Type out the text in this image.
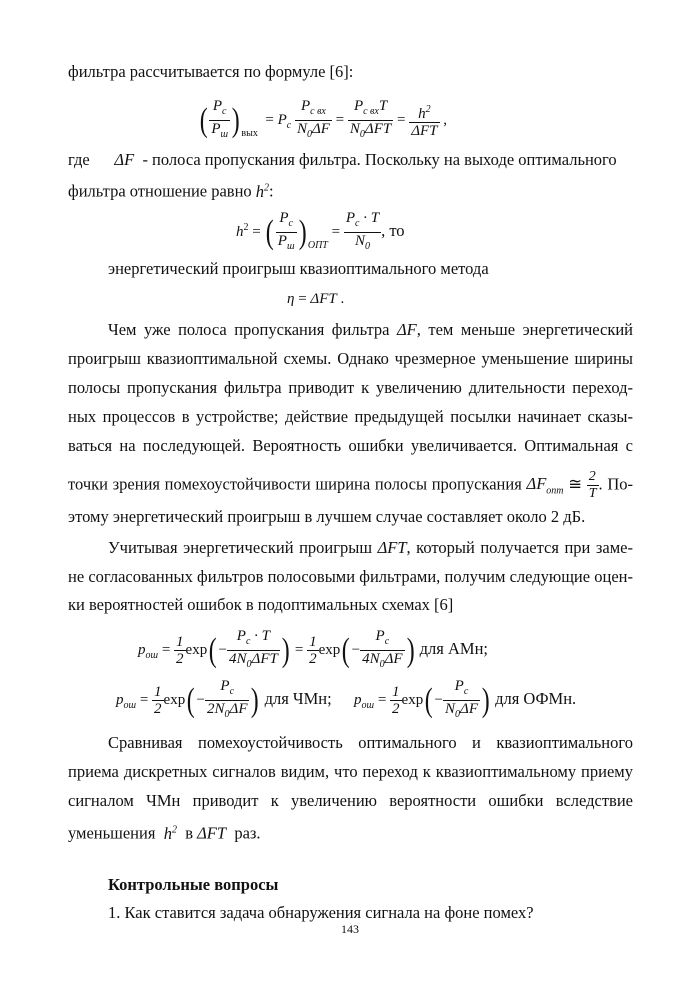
фильтра рассчитывается по формуле [6]:
( $\frac{P_c}{P_ш}$ ) $_{вых} = P_c \frac{P_{c вх}}{N_0\Delta F} = \frac{P_{c вх}T}{N_0\Delta FT} = \frac{h^2}{\text{ΔFT}}$ ,
где ΔF - полоса пропускания фильтра. Поскольку на выходе оптимального
фильтра отношение равно $h^2$:
$h^2$ = ( $\frac{P_c}{P_ш}$ ) $_{ОПТ} = \frac{P_c \cdot T}{N_0}$ , то
энергетический проигрыш квазиоптимального метода
η = ΔFT .
Чем уже полоса пропускания фильтра ΔF, тем меньше энергетический
проигрыш квазиоптимальной схемы. Однако чрезмерное уменьшение ширины
полосы пропускания фильтра приводит к увеличению длительности переход-
ных процессов в устройстве; действие предыдущей посылки начинает сказы-
ваться на последующей. Вероятность ошибки увеличивается. Оптимальная с
точки зрения помехоустойчивости ширина полосы пропускания $\Delta F_{опт}$ ≅ $\frac{2}{T}$ . По-
этому энергетический проигрыш в лучшем случае составляет около 2 дБ.
Учитывая энергетический проигрыш ΔFT, который получается при заме-
не согласованных фильтров полосовыми фильтрами, получим следующие оцен-
ки вероятностей ошибок в подоптимальных схемах [6]
$p_{ош} = \frac{1}{2} \exp( - \frac{P_c \cdot T}{4N_0\Delta FT}$ ) = $\frac{1}{2} \exp( - \frac{P_c}{4N_0\Delta F}$ ) для АМн;
$p_{ош} = \frac{1}{2} \exp( - \frac{P_c}{2N_0\Delta F}$ ) для ЧМн; $p_{ош} = \frac{1}{2} \exp( - \frac{P_c}{N_0\Delta F}$ ) для ОФМн.
Сравнивая помехоустойчивость оптимального и квазиоптимального
приема дискретных сигналов видим, что переход к квазиоптимальному приему
сигналом ЧМн приводит к увеличению вероятности ошибки вследствие
уменьшения $h^2$ в ΔFT раз.
Контрольные вопросы
1. Как ставится задача обнаружения сигнала на фоне помех?
143
